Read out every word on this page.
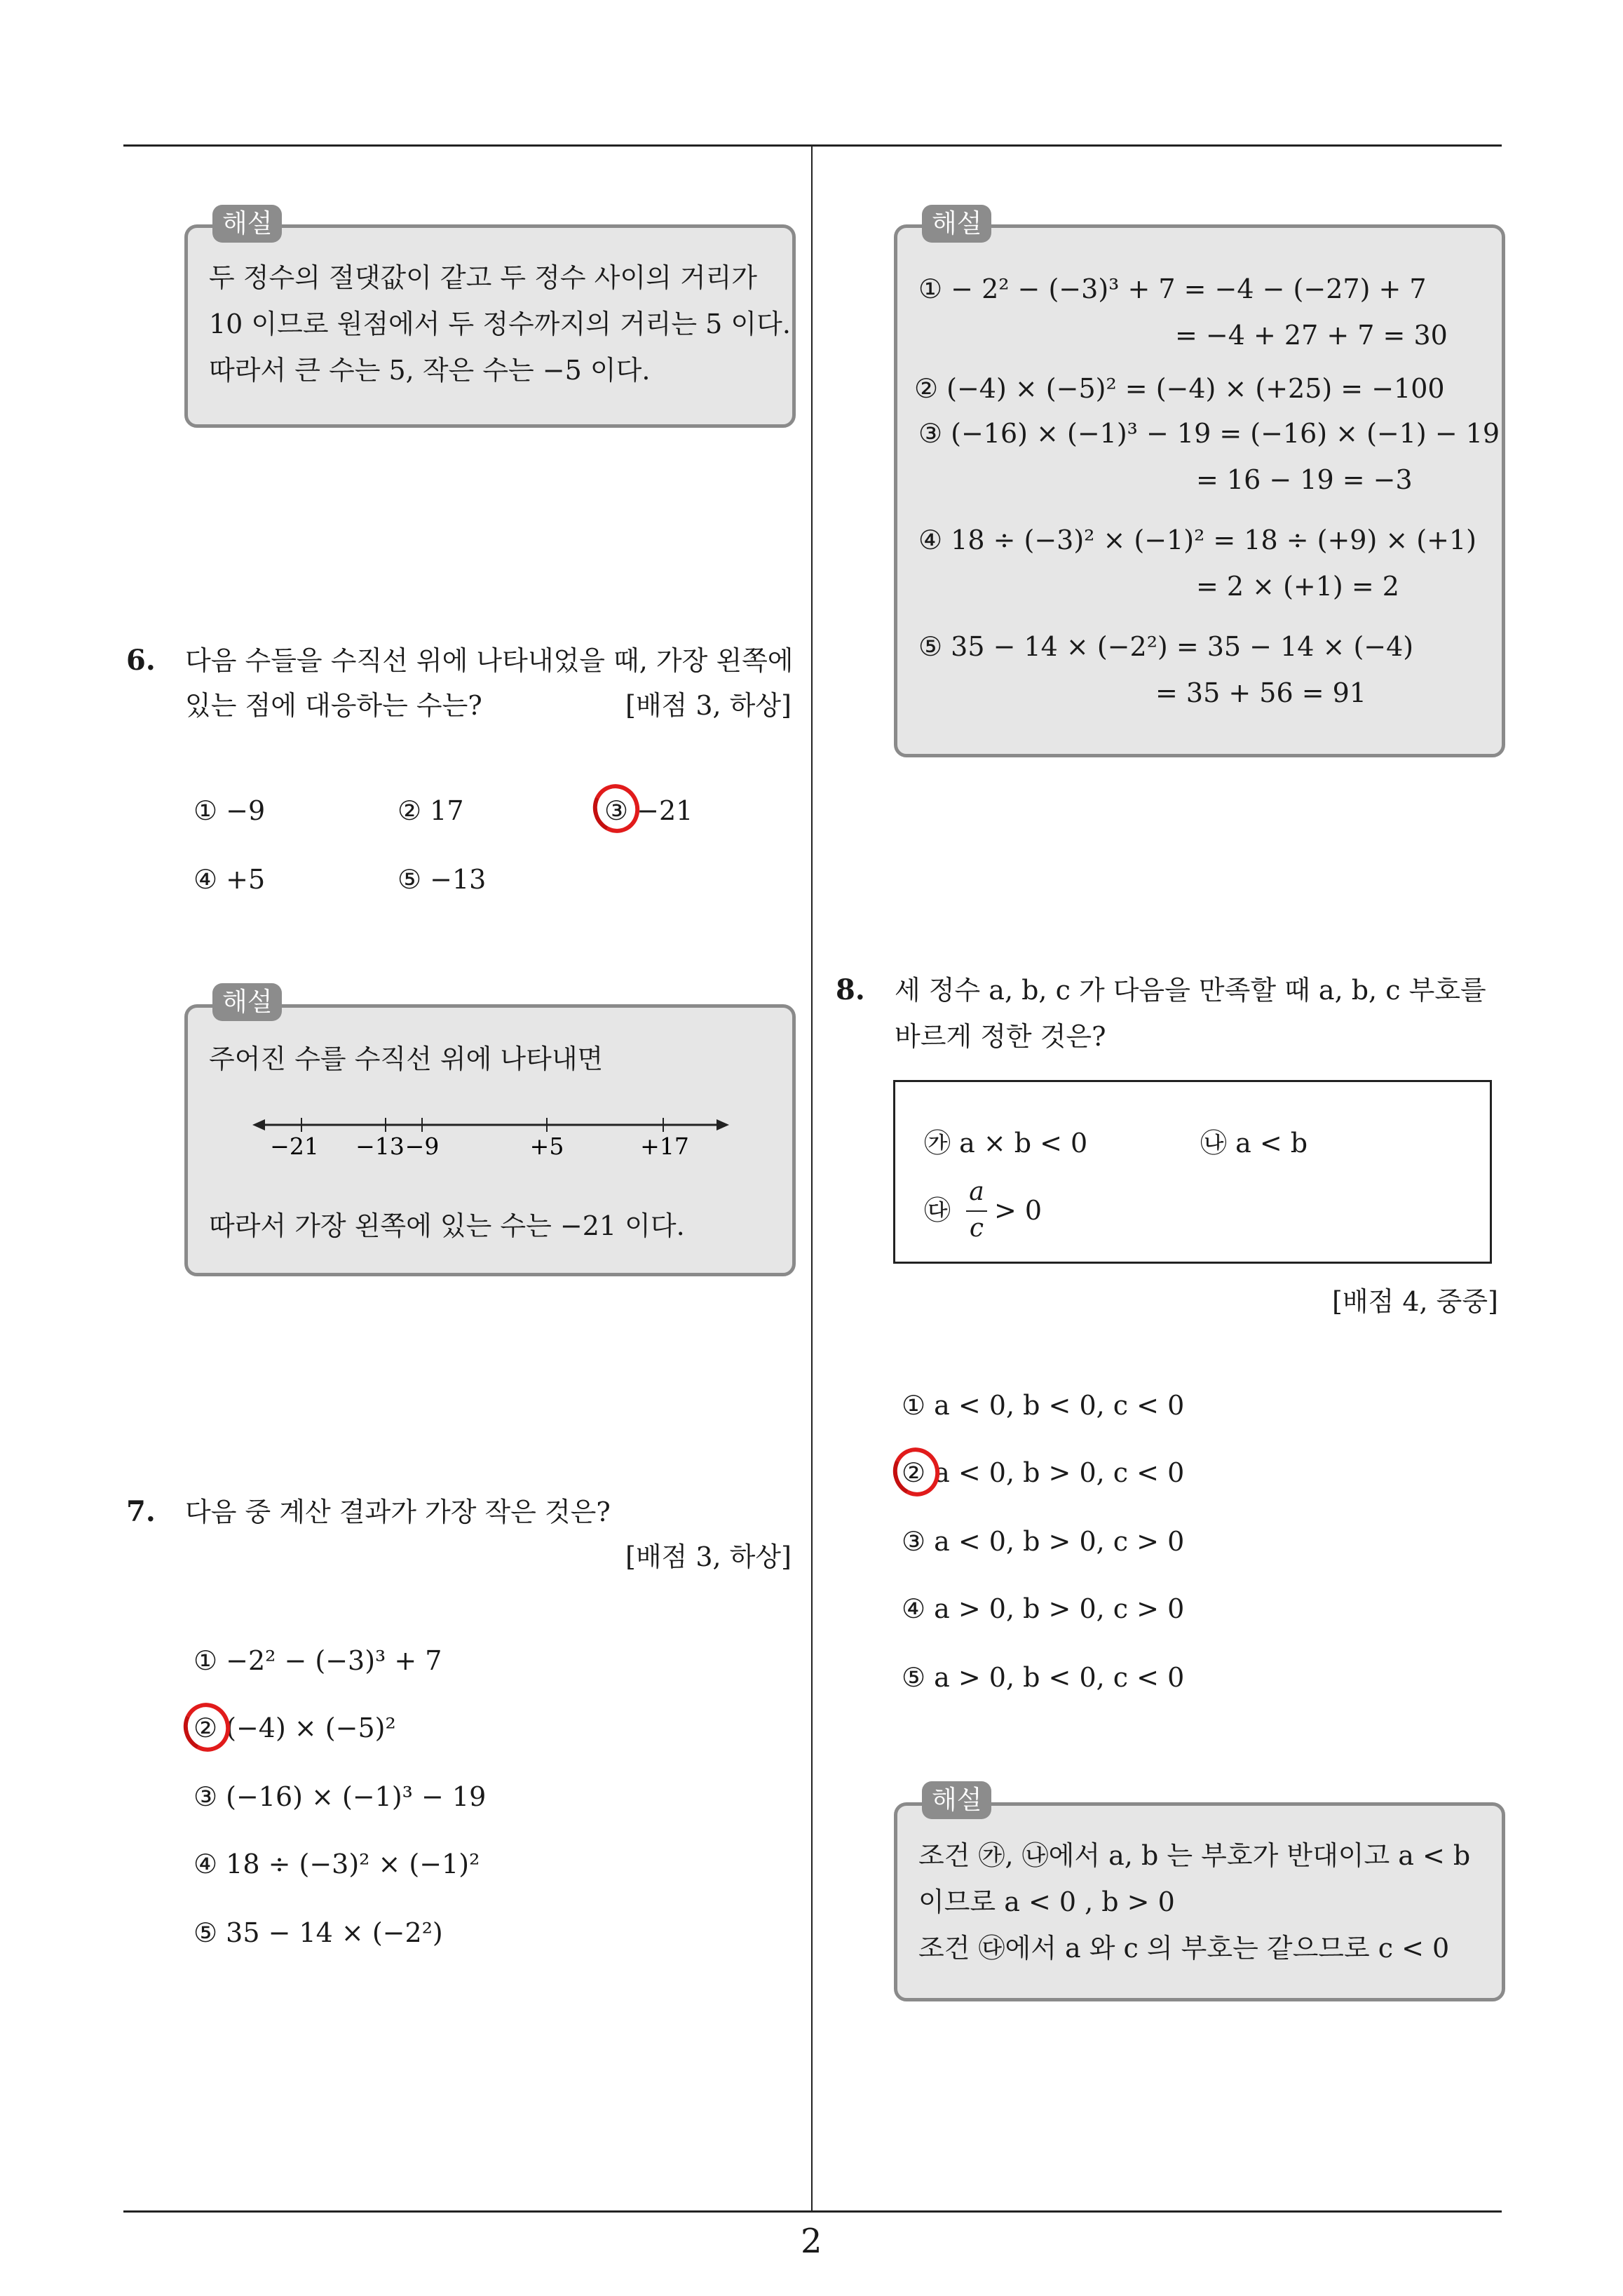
해설
두 정수의 절댓값이 같고 두 정수 사이의 거리가
10 이므로 원점에서 두 정수까지의 거리는 5 이다.
따라서 큰 수는 5, 작은 수는 −5 이다.
6. 다음 수들을 수직선 위에 나타내었을 때, 가장 왼쪽에
있는 점에 대응하는 수는?	[배점 3, 하상]
① −9	② 17	③ −21
④ +5	⑤ −13
해설
주어진 수를 수직선 위에 나타내면
−21 −13 −9	+5	+17
따라서 가장 왼쪽에 있는 수는 −21 이다.
7. 다음 중 계산 결과가 가장 작은 것은?
[배점 3, 하상]
① −2² − (−3)³ + 7
② (−4) × (−5)²
③ (−16) × (−1)³ − 19
④ 18 ÷ (−3)² × (−1)²
⑤ 35 − 14 × (−2²)
해설
① − 2² − (−3)³ + 7 = −4 − (−27) + 7
= −4 + 27 + 7 = 30
② (−4) × (−5)² = (−4) × (+25) = −100
③ (−16) × (−1)³ − 19 = (−16) × (−1) − 19
= 16 − 19 = −3
④ 18 ÷ (−3)² × (−1)² = 18 ÷ (+9) × (+1)
= 2 × (+1) = 2
⑤ 35 − 14 × (−2²) = 35 − 14 × (−4)
= 35 + 56 = 91
8. 세 정수 a, b, c 가 다음을 만족할 때 a, b, c 부호를
바르게 정한 것은?
㉮ a × b < 0	㉯ a < b
㉰
a
c
> 0
[배점 4, 중중]
① a < 0, b < 0, c < 0
② a < 0, b > 0, c < 0
③ a < 0, b > 0, c > 0
④ a > 0, b > 0, c > 0
⑤ a > 0, b < 0, c < 0
해설
조건 ㉮, ㉯에서 a, b 는 부호가 반대이고 a < b
이므로 a < 0 , b > 0
조건 ㉰에서 a 와 c 의 부호는 같으므로 c < 0
2
